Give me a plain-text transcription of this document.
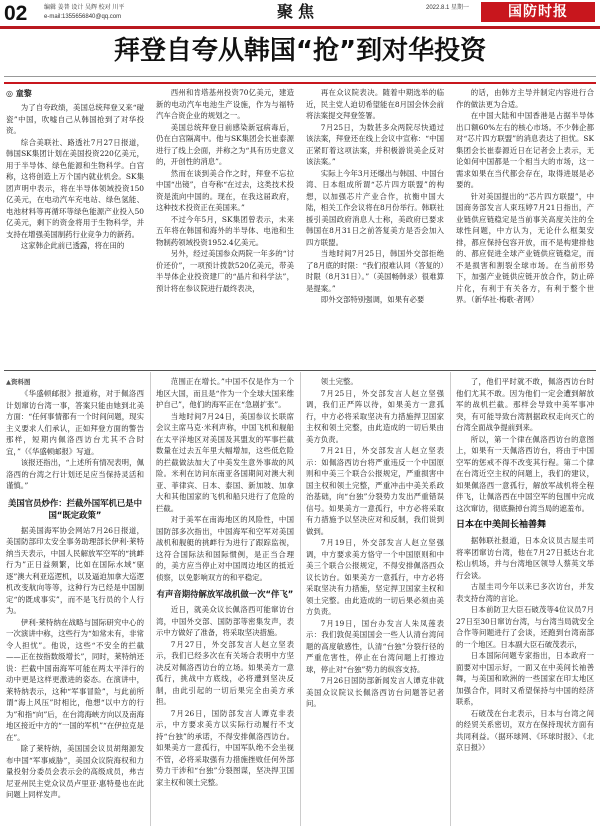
02	编辑 姜普 设计 吴辉 校对 川平
e-mail:1355656840@qq.com	聚焦	2022.8.1 星期一	国防时报
拜登自夸从韩国“抢”到对华投资
◎ 童黎

为了自夸政绩，美国总统拜登又来“碰瓷”中国，吹嘘自己从韩国抢到了对华投资。

综合美联社、路透社7月27日报道，韩国SK集团计划在美国投资220亿美元，用于半导体、绿色能源和生物科学。白宫称，这将创造上万个国内就业机会。SK集团声明中表示，将在半导体领域投资150亿美元，在电动汽车充电站、绿色氢能、电池材料等再循环等绿色能源产业投入50亿美元，剩下的资金将用于生物科学，并支持在增强美国制药行业竞争力的新药。

这家韩企此前已透露，将在田的

西州和肯塔基州投资70亿美元，建造新的电动汽车电池生产设施，作为与福特汽车合资企业的规划之一。

美国总统拜登日前感染新冠病毒后，仍在白宫隔离中。他与SK集团会长崔泰源进行了线上会面，并称之为“具有历史意义的，开创性的消息”。

然而在谈到美合作之时，拜登不忘拉中国“出镜”，自夸称“在过去，这类技术投资是流向中国的。现在，在我这届政府，这种技术投资正在美国来。”

不过今年5月，SK集团曾表示，未来五年将在韩国和海外的半导体、电池和生物制药领域投资1952.4亿美元。

另外，经过美国参众两院一年多的“讨价还价”，一项预计拨款520亿美元，带美半导体企业投资建厂的“晶片和科学法”，预计将在参议院进行最终表决，

再在众议院表决。随着中期选举的临近，民主党人迫切希望能在8月国会休会前将法案提交拜登签署。

7月25日，为数甚多众两院尽快通过该法案，拜登还在线上会议中宣称：“中国正紧盯着这项法案，并积极游说美企反对该法案。”

实际上今年3月还爆出与韩国、中国台湾、日本组成所谓“芯片四方联盟”的构想，以加强芯片产业合作，抗衡中国大陆，相关工作会议将在8月份举行。韩联社援引美国政府消息人士称，美政府已要求韩国在8月31日之前答复美方是否会加入四方联盟。

当地时间7月25日，韩国外交部拒绝了8月底的时限：“我们很难认同（答复的）时限（8月31日）。”（美国畅韩录）很难算是提案。”

即外交部特别强调，如果有必要

的话，由韩方主导并制定内容进行合作的做法更为合适。

在中国大陆和中国香港是占据半导体出口额60%左右的核心市场。不少韩企都对“芯片四方联盟”的消息表达了担忧。SK集团会长崔泰源近日在记者会上表示，无论如何中国都是一个相当大的市场，这一需求如果在当代都会存在，取得进展是必要的。

针对美国提出的“芯片四方联盟”，中国商务部发言人束珏婷7月21日指出，产业链供应链稳定是当前事关高度关注的全球性问题，中方认为，无论什么框架安排，都应保持包容开放，而不是构建排他的、都应促进全球产业链供应链稳定，而不是损害和割裂全球市场。在当前形势下，加强产业链供应链开放合作，防止碎片化，有利于有关各方，有利于整个世界。（新华社·梅歌·者网）

▲资料图

《华盛顿邮报》报道称，对于佩洛西计划窜访台湾一事，答案只能由她到北美方面：“任何事情都有一个时间问题，现实主义要求人们承认，正如拜登方面的警告那样，短期内佩洛西访台尤其不合时宜，”（《华盛顿邮报》写道。

该报还指出，“上述所有情况表明，佩洛西的台湾之行计划还足应当保持灵活和谨慎。”

美国官员炒作：拦截外国军机已是中国“既定政策”

据美国海军协会网站7月26日报道，美国防部印太安全事务助理部长伊利·莱特纳当天表示，中国人民解放军空军的“挑衅行为”正日益频繁，比如在国际水域“驱逐”澳大利亚巡逻机，以及逼迫加拿大巡逻机改变航向等等，这种行为已经是中国制定“的既成事实”，而不是飞行员的个人行为。

伊利·莱特纳在战略与国际研究中心的一次演讲中称，这些行为“如常未有，非常令人担忧”。他说，这些“不安全的拦截——正在按指数级增长”，同时，莱特纳还说：拦截中国南海军可能在两太平洋行的动中更是这样更激进的姿态。在演讲中，莱特纳表示，这种“军事冒险”，与此前所谓“海上风压”时相比，他想“以中方的行为”和指“向”后，在台湾海峡方向以及南海地区接近中方的“一国的军机”“在伊拉克是在”。

除了莱特纳，美国国会议员胡翔源发布中国“军事威胁”，美国众议院海权和力量投射分委员会表示会的高级成员，弗吉尼亚州民主党众议员卢里亚·惠特曼也在此问题上同样发声。

范围正在增长。”中国不仅是作为一个地区大国，而且是“作为一个全球大国来维护自己”，他们的海军正在“急剧扩张”。

当地时间7月24日，美国参议长联席会议主席马克·米利声称，中国飞机和舰船在太平洋地区对美国及其盟友的军事拦截数量在过去五年里大幅增加，这些低危险的拦截做法加大了中美发生意外事故的风险。米利在访问东南亚各国期间对澳大利亚、菲律宾、日本、泰国、新加坡、加拿大和其他国家的飞机和船只进行了危险的拦截。

对于美军在南海地区的风险性，中国国防部多次指出，中国海军和空军对美国战机和舰艇的挑衅行为进行了跟踪监视，这符合国际法和国际惯例，是正当合理的，美方应当停止对中国周边地区的抵近侦察，以免影响双方的和平稳定。

有声音期待解放军战机做一次“伴飞”

近日，就美众议长佩洛西可能窜访台湾，中国外交部、国防部等密集发声，表示中方做好了准备，将采取坚决措施。

7月27日，外交部发言人赵立坚表示，我们已经多次在有关场合表明中方坚决反对佩洛西访台的立场。如果美方一意孤行，挑战中方底线，必将遭到坚决反制，由此引起的一切后果完全由美方承担。

7月26日，国防部发言人谭克非表示，中方要求美方以实际行动履行不支持“台独”的承诺，不得安排佩洛西访台。如果美方一意孤行，中国军队绝不会坐视不管，必将采取强有力措施挫败任何外部势力干涉和“台独”分裂图谋，坚决捍卫国家主权和领土完整。

领土完整。

7月25日，外交部发言人赵立坚强调，我们正严阵以待，如果美方一意孤行，中方必将采取坚决有力措施捍卫国家主权和领土完整，由此造成的一切后果由美方负责。

7月21日，外交部发言人赵立坚表示：如佩洛西访台将严重违反一个中国原则和中美三个联合公报规定，严重损害中国主权和领土完整，严重冲击中美关系政治基础，向“台独”分裂势力发出严重错误信号。如果美方一意孤行，中方必将采取有力措施予以坚决应对和反制，我们说到做到。

7月19日，外交部发言人赵立坚强调，中方要求美方恪守一个中国原则和中美三个联合公报规定，不得安排佩洛西众议长访台。如果美方一意孤行，中方必将采取坚决有力措施，坚定捍卫国家主权和领土完整。由此造成的一切后果必须由美方负责。

7月19日，国台办发言人朱凤莲表示：我们敦促美国国会一些人认清台湾问题的高度敏感性，认清“台独”分裂行径的严重危害性，停止在台湾问题上打擦边球，停止对“台独”势力的纵容支持。

7月26日国防部新闻发言人谭克非就美国众议院议长佩洛西访台问题答记者问。

了，他们平时就不敢，佩洛西访台时他们尤其不敢。因为他们一定会遭到解放军的战机拦截。那样会导致中美军事冲突，有可能导致台湾割据政权走向灭亡的台湾全面战争提前到来。

所以，第一个律在佩洛西访台的意图上，如果有一天佩洛西访台，将由于中国空军的惩戒不得不改变其行程。第二个律在台湾近空主权的问题上，我们的建议，如果佩洛西一意孤行，解放军战机将全程伴飞，让佩洛西在中国空军的包围中完成这次窜访，彻底撕掉台湾当局的遮羞布。

日本在中美间长袖善舞

据韩联社报道，日本众议员古屋圭司将率团窜访台湾，他在7月27日抵达台北松山机场，并与台湾地区领导人蔡英文举行会谈。

古屋圭司今年以来已多次访台，并发表支持台湾的言论。

日本前防卫大臣石破茂等4位议员7月27日至30日窜访台湾，与台湾当局就安全合作等问题进行了会谈，还跑到台湾南部的一个地区。日本副大臣石破茂表示，

日本国际问题专家指出，日本政府一面要对中国示好，一面又在中美间长袖善舞，与美国和欧洲的一些国家在印太地区加强合作，同时又希望保持与中国的经济联系，

石破茂在台北表示，日本与台湾之间的经贸关系密切，双方在保持现状方面有共同利益。（据环球网、《环球时报》、《北京日报》）
